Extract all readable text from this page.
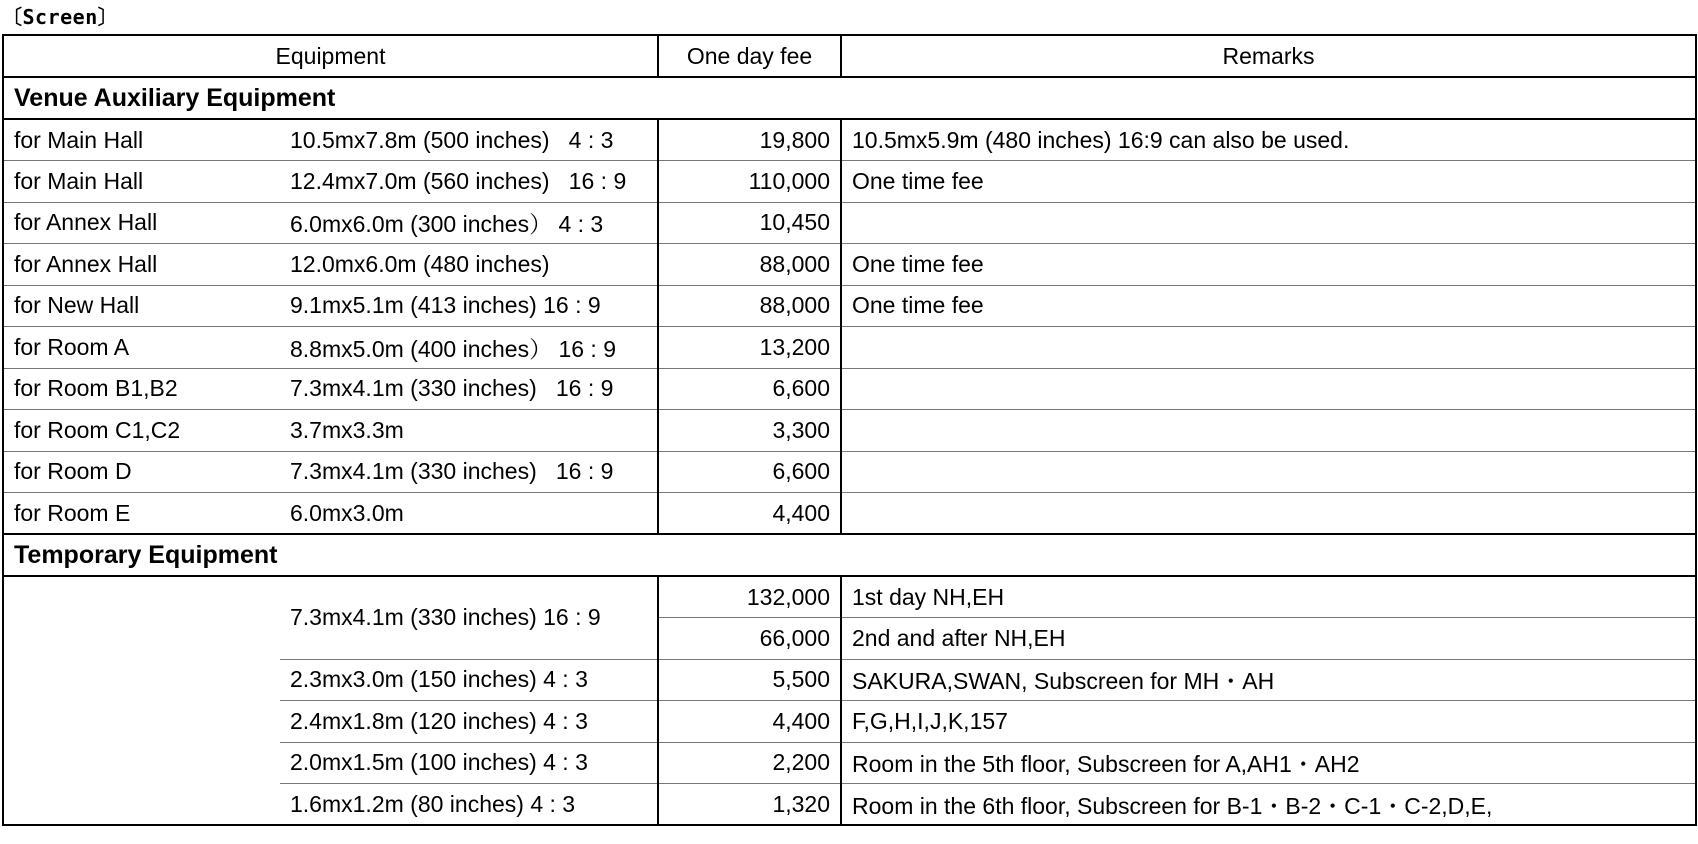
〔Screen〕
Equipment		One day fee	Remarks
Venue Auxiliary Equipment			
for Main Hall	10.5mx7.8m (500 inches)   4 : 3	19,800	10.5mx5.9m (480 inches) 16:9 can also be used.
for Main Hall	12.4mx7.0m (560 inches)   16 : 9	110,000	One time fee
for Annex Hall	6.0mx6.0m (300 inches） 4 : 3	10,450	
for Annex Hall	12.0mx6.0m (480 inches)	88,000	One time fee
for New Hall	9.1mx5.1m (413 inches) 16 : 9	88,000	One time fee
for Room A	8.8mx5.0m (400 inches） 16 : 9	13,200	
for Room B1,B2	7.3mx4.1m (330 inches)   16 : 9	6,600	
for Room C1,C2	3.7mx3.3m	3,300	
for Room D	7.3mx4.1m (330 inches)   16 : 9	6,600	
for Room E	6.0mx3.0m	4,400	
Temporary Equipment			
	7.3mx4.1m (330 inches) 16 : 9	132,000	1st day NH,EH
		66,000	2nd and after NH,EH
	2.3mx3.0m (150 inches) 4 : 3	5,500	SAKURA,SWAN, Subscreen for MH・AH
	2.4mx1.8m (120 inches) 4 : 3	4,400	F,G,H,I,J,K,157
	2.0mx1.5m (100 inches) 4 : 3	2,200	Room in the 5th floor, Subscreen for A,AH1・AH2
	1.6mx1.2m (80 inches) 4 : 3	1,320	Room in the 6th floor, Subscreen for B-1・B-2・C-1・C-2,D,E,
